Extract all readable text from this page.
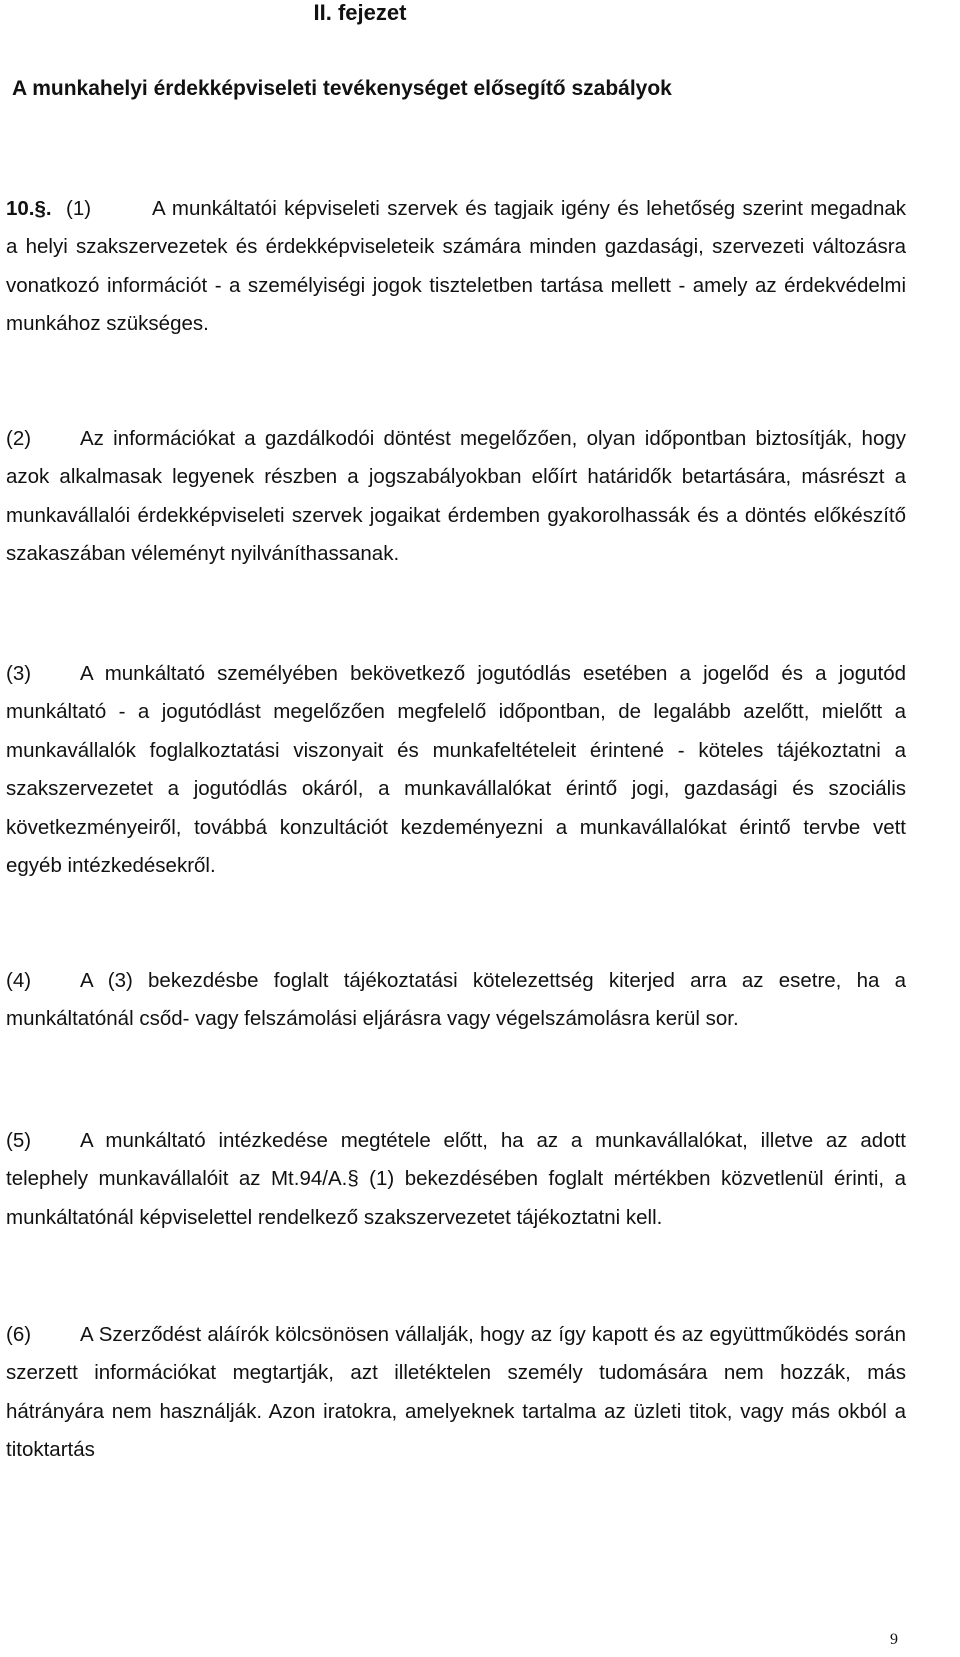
II. fejezet
A munkahelyi érdekképviseleti tevékenységet elősegítő szabályok

10.§. (1)	A munkáltatói képviseleti szervek és tagjaik igény és lehetőség szerint megadnak a helyi szakszervezetek és érdekképviseleteik számára minden gazdasági, szervezeti változásra vonatkozó információt - a személyiségi jogok tiszteletben tartása mellett - amely az érdekvédelmi munkához szükséges.

(2) Az információkat a gazdálkodói döntést megelőzően, olyan időpontban biztosítják, hogy azok alkalmasak legyenek részben a jogszabályokban előírt határidők betartására, másrészt a munkavállalói érdekképviseleti szervek jogaikat érdemben gyakorolhassák és a döntés előkészítő szakaszában véleményt nyilváníthassanak.

(3) A munkáltató személyében bekövetkező jogutódlás esetében a jogelőd és a jogutód munkáltató - a jogutódlást megelőzően megfelelő időpontban, de legalább azelőtt, mielőtt a munkavállalók foglalkoztatási viszonyait és munkafeltételeit érintené - köteles tájékoztatni a szakszervezetet a jogutódlás okáról, a munkavállalókat érintő jogi, gazdasági és szociális következményeiről, továbbá konzultációt kezdeményezni a munkavállalókat érintő tervbe vett egyéb intézkedésekről.

(4) A (3) bekezdésbe foglalt tájékoztatási kötelezettség kiterjed arra az esetre, ha a munkáltatónál csőd- vagy felszámolási eljárásra vagy végelszámolásra kerül sor.

(5) A munkáltató intézkedése megtétele előtt, ha az a munkavállalókat, illetve az adott telephely munkavállalóit az Mt.94/A.§ (1) bekezdésében foglalt mértékben közvetlenül érinti, a munkáltatónál képviselettel rendelkező szakszervezetet tájékoztatni kell.

(6) A Szerződést aláírók kölcsönösen vállalják, hogy az így kapott és az együttműködés során szerzett információkat megtartják, azt illetéktelen személy tudomására nem hozzák, más hátrányára nem használják. Azon iratokra, amelyeknek tartalma az üzleti titok, vagy más okból a titoktartás

9
